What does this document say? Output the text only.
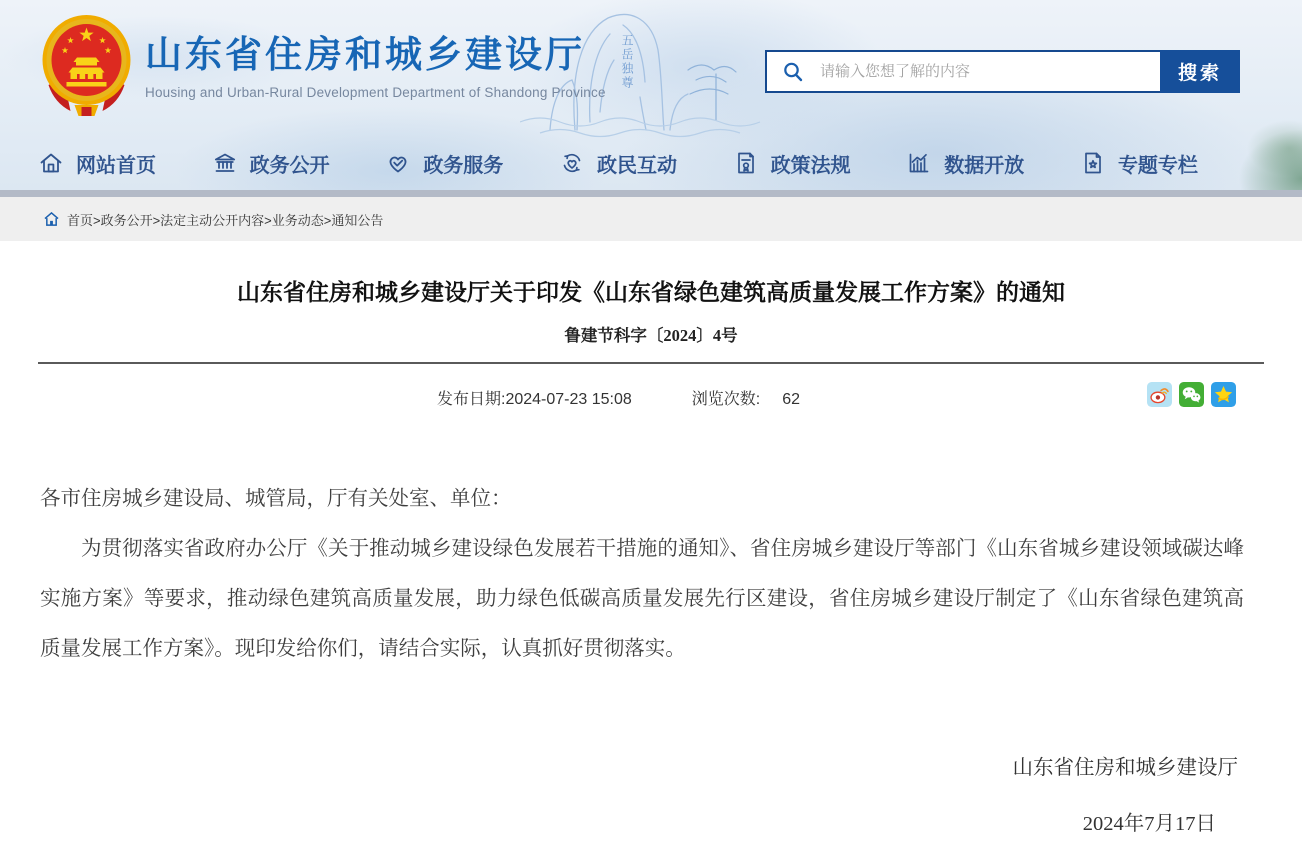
五岳独尊
山东省住房和城乡建设厅
Housing and Urban-Rural Development Department of Shandong Province
请输入您想了解的内容
搜索
网站首页	政务公开	政务服务	政民互动	政策法规	数据开放	专题专栏
首页>政务公开>法定主动公开内容>业务动态>通知公告
山东省住房和城乡建设厅关于印发《山东省绿色建筑高质量发展工作方案》的通知
鲁建节科字〔2024〕4号
发布日期:2024-07-23 15:08	浏览次数: 62

各市住房城乡建设局、城管局，厅有关处室、单位：

为贯彻落实省政府办公厅《关于推动城乡建设绿色发展若干措施的通知》、省住房城乡建设厅等部门《山东省城乡建设领域碳达峰实施方案》等要求，推动绿色建筑高质量发展，助力绿色低碳高质量发展先行区建设，省住房城乡建设厅制定了《山东省绿色建筑高质量发展工作方案》。现印发给你们，请结合实际，认真抓好贯彻落实。

山东省住房和城乡建设厅
2024年7月17日
